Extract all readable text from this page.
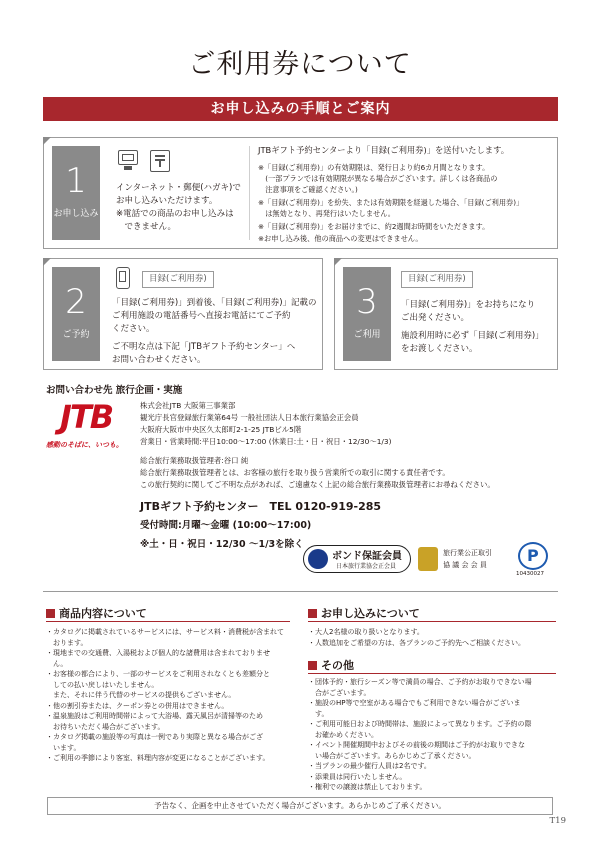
ご利用券について
お申し込みの手順とご案内
1
お申し込み
インターネット・郵便(ハガキ)で
お申し込みいただけます。
※電話での商品のお申し込みは
　できません。
JTBギフト予約センターより「目録(ご利用券)」を送付いたします。
※「目録(ご利用券)」の有効期限は、発行日より約6カ月間となります。
　(一部プランでは有効期限が異なる場合がございます。詳しくは各商品の
　注意事項をご確認ください。)
※「目録(ご利用券)」を紛失、または有効期限を経過した場合、「目録(ご利用券)」
　は無効となり、再発行はいたしません。
※「目録(ご利用券)」をお届けまでに、約2週間お時間をいただきます。
※お申し込み後、他の商品への変更はできません。
2
ご予約
目録(ご利用券)
「目録(ご利用券)」到着後、「目録(ご利用券)」記載の
ご利用施設の電話番号へ直接お電話にてご予約
ください。
ご不明な点は下記「JTBギフト予約センター」へ
お問い合わせください。
3
ご利用
目録(ご利用券)
「目録(ご利用券)」をお持ちになり
ご出発ください。
施設利用時に必ず「目録(ご利用券)」
をお渡しください。
お問い合わせ先 旅行企画・実施
JTB
感動のそばに、いつも。
株式会社JTB 大阪第三事業部
観光庁長官登録旅行業第64号 一般社団法人日本旅行業協会正会員
大阪府大阪市中央区久太郎町2-1-25 JTBビル5階
営業日・営業時間:平日10:00〜17:00 (休業日:土・日・祝日・12/30〜1/3)
総合旅行業務取扱管理者:谷口 純
総合旅行業務取扱管理者とは、お客様の旅行を取り扱う営業所での取引に関する責任者です。
この旅行契約に関してご不明な点があれば、ご遠慮なく上記の総合旅行業務取扱管理者にお尋ねください。
JTBギフト予約センター　TEL 0120-919-285
受付時間:月曜〜金曜 (10:00〜17:00)
※土・日・祝日・12/30 〜1/3を除く
ボンド保証会員
日本旅行業協会正会員
旅行業公正取引
協 議 会 会 員	P
10430027
商品内容について
・カタログに掲載されているサービスには、サービス料・消費税が含まれて
　おります。
・現地までの交通費、入湯税および個人的な諸費用は含まれておりませ
　ん。
・お客様の都合により、一部のサービスをご利用されなくとも差額分と
　しての払い戻しはいたしません。
　また、それに伴う代替のサービスの提供もございません。
・他の割引券または、クーポン券との併用はできません。
・温泉施設はご利用時間帯によって大浴場、露天風呂が清掃等のため
　お待ちいただく場合がございます。
・カタログ掲載の施設等の写真は一例であり実際と異なる場合がござ
　います。
・ご利用の季節により客室、料理内容が変更になることがございます。
お申し込みについて
・大人2名様の取り扱いとなります。
・人数追加をご希望の方は、各プランのご予約先へご相談ください。
その他
・団体予約・旅行シーズン等で満員の場合、ご予約がお取りできない場
　合がございます。
・施設のHP等で空室がある場合でもご利用できない場合がございま
　す。
・ご利用可能日および時間帯は、施設によって異なります。ご予約の際
　お確かめください。
・イベント開催期間中およびその前後の期間はご予約がお取りできな
　い場合がございます。あらかじめご了承ください。
・当プランの最少催行人員は2名です。
・添乗員は同行いたしません。
・権利での譲渡は禁止しております。
予告なく、企画を中止させていただく場合がございます。あらかじめご了承ください。
T19
